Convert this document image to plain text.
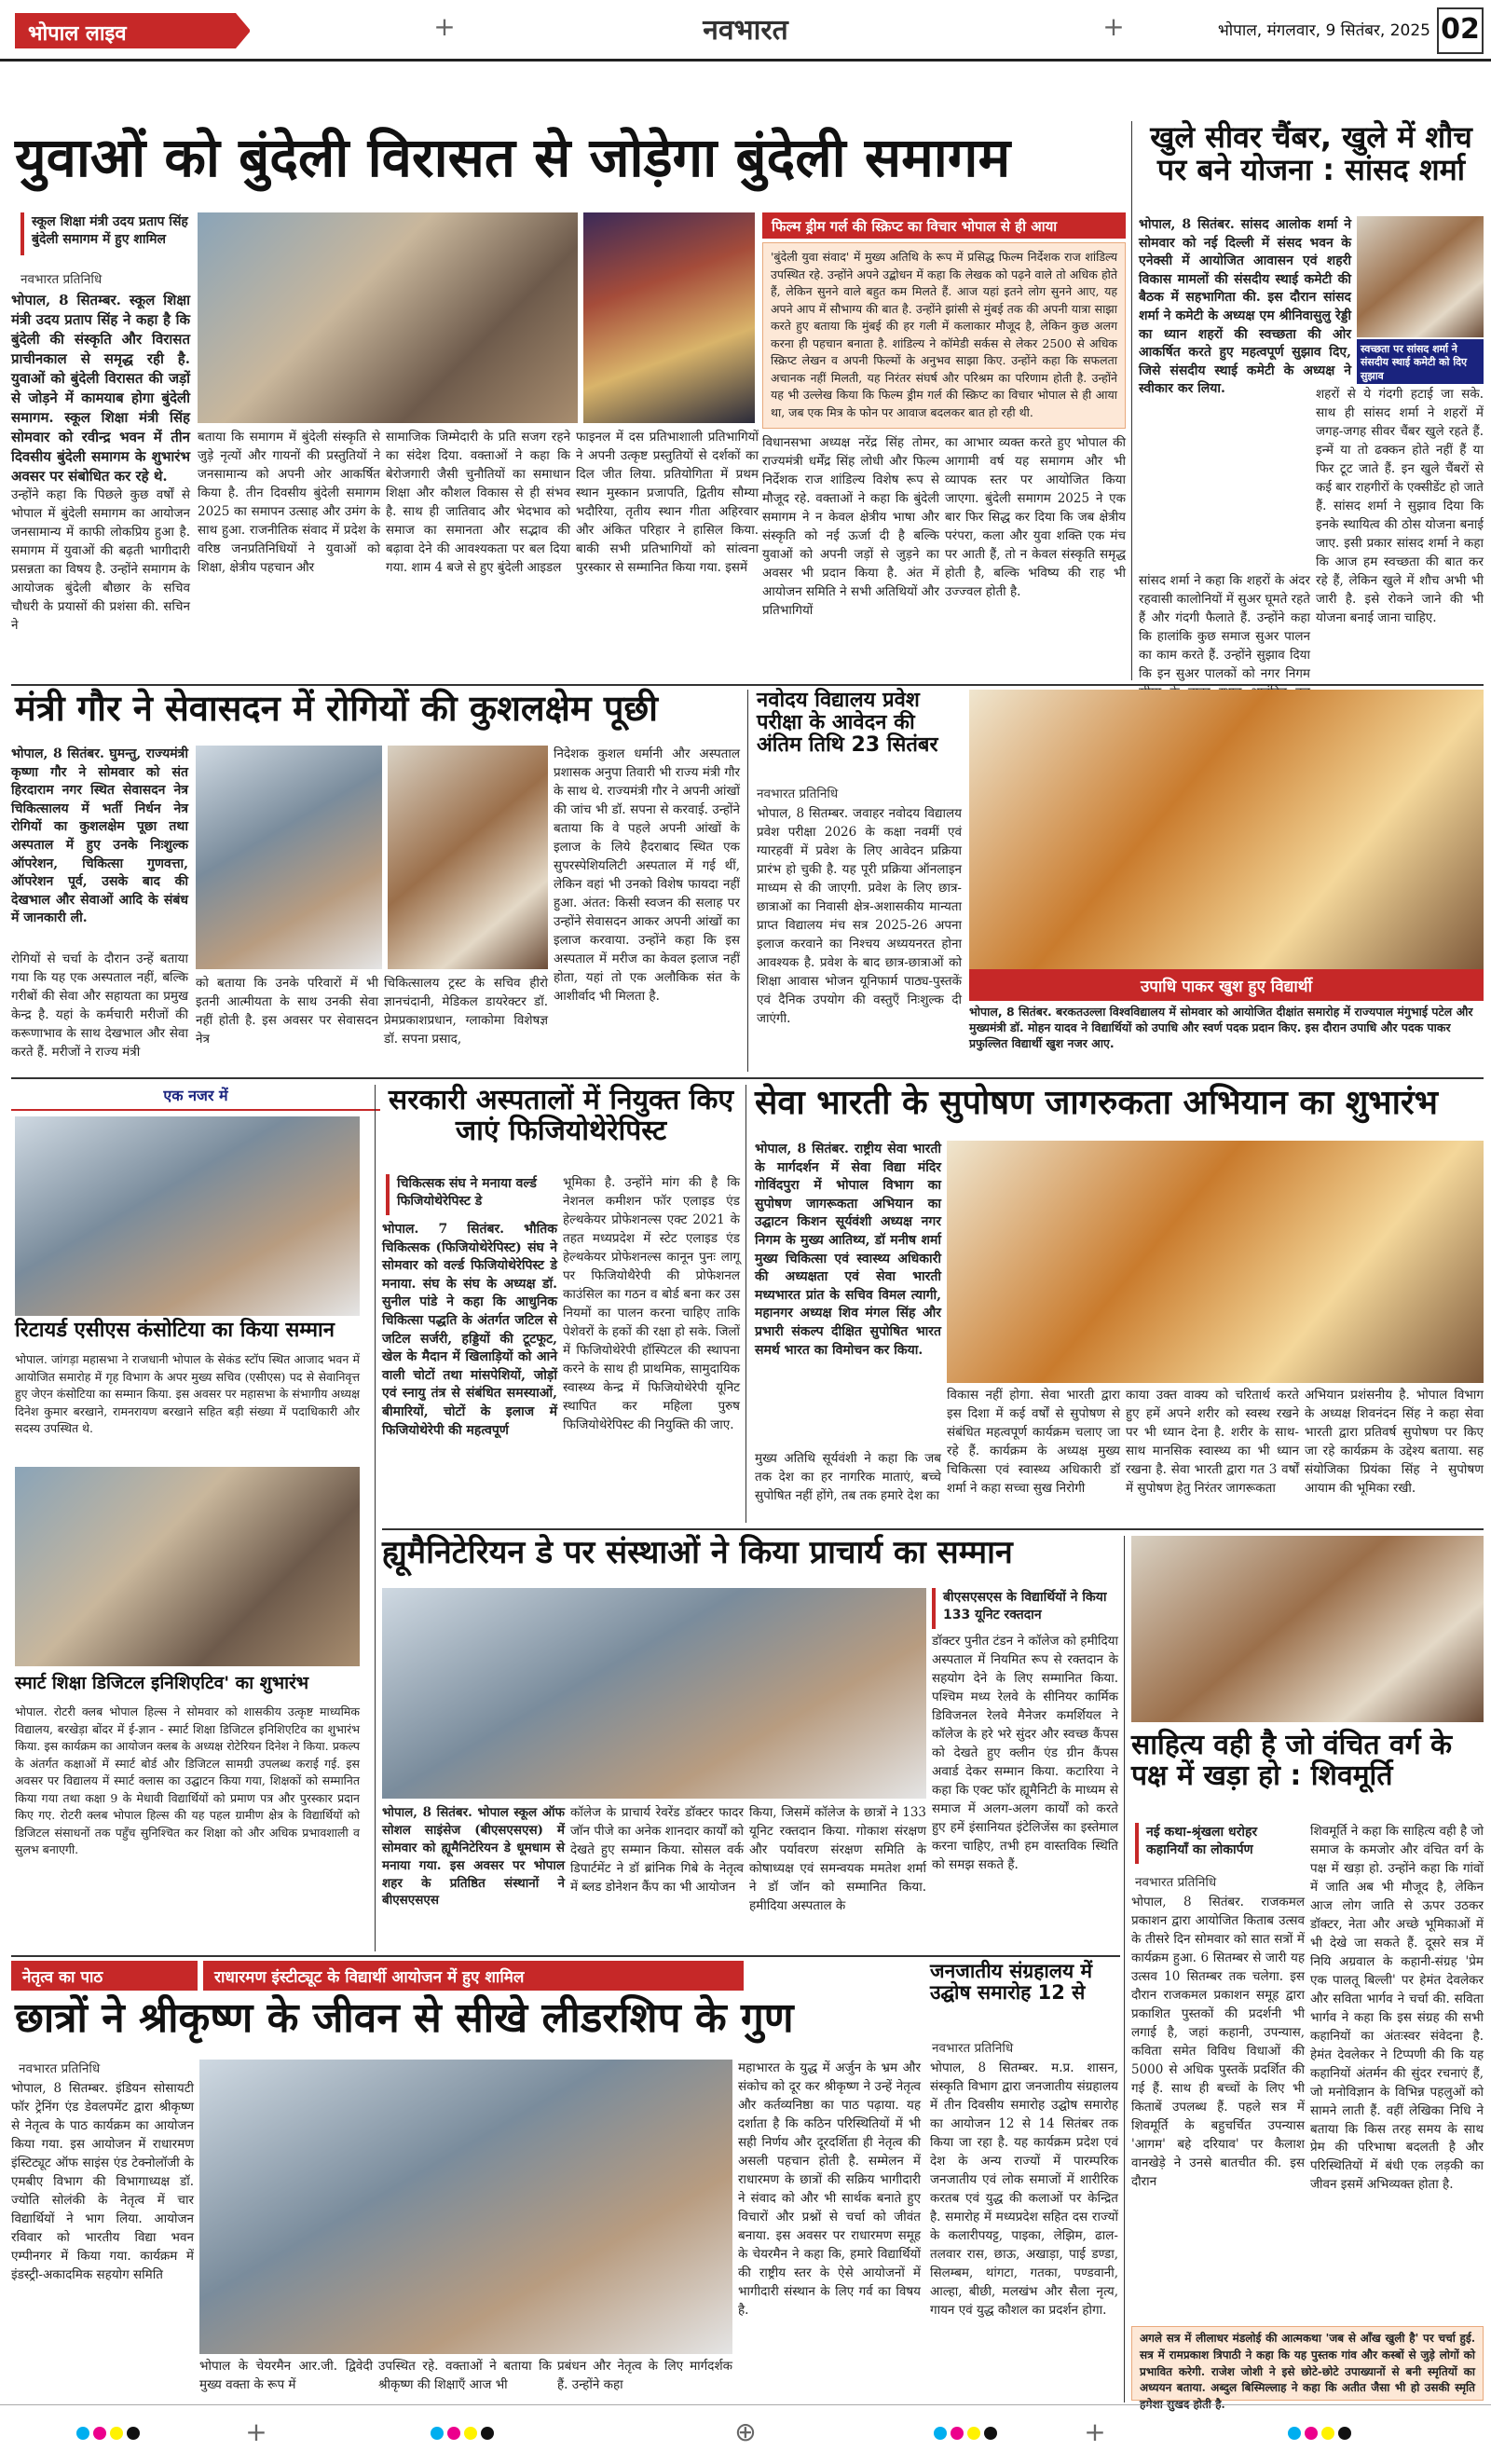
भोपाल लाइव	+	नवभारत	+	भोपाल, मंगलवार, 9 सितंबर, 2025 02
युवाओं को बुंदेली विरासत से जोड़ेगा बुंदेली समागम
स्कूल शिक्षा मंत्री उदय प्रताप सिंह बुंदेली समागम में हुए शामिल
नवभारत प्रतिनिधि
भोपाल, 8 सितम्बर. स्कूल शिक्षा मंत्री उदय प्रताप सिंह ने कहा है कि बुंदेली की संस्कृति और विरासत प्राचीनकाल से समृद्ध रही है. युवाओं को बुंदेली विरासत की जड़ों से जोड़ने में कामयाब होगा बुंदेली समागम. स्कूल शिक्षा मंत्री सिंह सोमवार को रवीन्द्र भवन में तीन दिवसीय बुंदेली समागम के शुभारंभ अवसर पर संबोधित कर रहे थे.
उन्होंने कहा कि पिछले कुछ वर्षों से भोपाल में बुंदेली समागम का आयोजन जनसामान्य में काफी लोकप्रिय हुआ है. समागम में युवाओं की बढ़ती भागीदारी प्रसन्नता का विषय है. उन्होंने समागम के आयोजक बुंदेली बौछार के सचिव चौधरी के प्रयासों की प्रशंसा की. सचिन ने
बताया कि समागम में बुंदेली संस्कृति से जुड़े नृत्यों और गायनों की प्रस्तुतियों ने जनसामान्य को अपनी ओर आकर्षित किया है. तीन दिवसीय बुंदेली समागम 2025 का समापन उत्साह और उमंग के साथ हुआ. राजनीतिक संवाद में प्रदेश के वरिष्ठ जनप्रतिनिधियों ने युवाओं को शिक्षा, क्षेत्रीय पहचान और
सामाजिक जिम्मेदारी के प्रति सजग रहने का संदेश दिया. वक्ताओं ने कहा कि बेरोजगारी जैसी चुनौतियों का समाधान शिक्षा और कौशल विकास से ही संभव है. साथ ही जातिवाद और भेदभाव को समाज का समानता और सद्भाव की बढ़ावा देने की आवश्यकता पर बल दिया गया. शाम 4 बजे से हुए बुंदेली आइडल
फाइनल में दस प्रतिभाशाली प्रतिभागियों ने अपनी उत्कृष्ट प्रस्तुतियों से दर्शकों का दिल जीत लिया. प्रतियोगिता में प्रथम स्थान मुस्कान प्रजापति, द्वितीय सौम्या भदौरिया, तृतीय स्थान गीता अहिरवार और अंकित परिहार ने हासिल किया. बाकी सभी प्रतिभागियों को सांत्वना पुरस्कार से सम्मानित किया गया. इसमें
फिल्म ड्रीम गर्ल की स्क्रिप्ट का विचार भोपाल से ही आया
'बुंदेली युवा संवाद' में मुख्य अतिथि के रूप में प्रसिद्ध फिल्म निर्देशक राज शांडिल्य उपस्थित रहे. उन्होंने अपने उद्बोधन में कहा कि लेखक को पढ़ने वाले तो अधिक होते हैं, लेकिन सुनने वाले बहुत कम मिलते हैं. आज यहां इतने लोग सुनने आए, यह अपने आप में सौभाग्य की बात है. उन्होंने झांसी से मुंबई तक की अपनी यात्रा साझा करते हुए बताया कि मुंबई की हर गली में कलाकार मौजूद है, लेकिन कुछ अलग करना ही पहचान बनाता है. शांडिल्य ने कॉमेडी सर्कस से लेकर 2500 से अधिक स्क्रिप्ट लेखन व अपनी फिल्मों के अनुभव साझा किए. उन्होंने कहा कि सफलता अचानक नहीं मिलती, यह निरंतर संघर्ष और परिश्रम का परिणाम होती है. उन्होंने यह भी उल्लेख किया कि फिल्म ड्रीम गर्ल की स्क्रिप्ट का विचार भोपाल से ही आया था, जब एक मित्र के फोन पर आवाज बदलकर बात हो रही थी.
विधानसभा अध्यक्ष नरेंद्र सिंह तोमर, राज्यमंत्री धर्मेंद्र सिंह लोधी और फिल्म निर्देशक राज शांडिल्य विशेष रूप से मौजूद रहे. वक्ताओं ने कहा कि बुंदेली समागम ने न केवल क्षेत्रीय भाषा और संस्कृति को नई ऊर्जा दी है बल्कि युवाओं को अपनी जड़ों से जुड़ने का अवसर भी प्रदान किया है. अंत में आयोजन समिति ने सभी अतिथियों और प्रतिभागियों
का आभार व्यक्त करते हुए भोपाल की आगामी वर्ष यह समागम और भी व्यापक स्तर पर आयोजित किया जाएगा. बुंदेली समागम 2025 ने एक बार फिर सिद्ध कर दिया कि जब क्षेत्रीय परंपरा, कला और युवा शक्ति एक मंच पर आती हैं, तो न केवल संस्कृति समृद्ध होती है, बल्कि भविष्य की राह भी उज्ज्वल होती है.
खुले सीवर चैंबर, खुले में शौच पर बने योजना : सांसद शर्मा
भोपाल, 8 सितंबर. सांसद आलोक शर्मा ने सोमवार को नई दिल्ली में संसद भवन के एनेक्सी में आयोजित आवासन एवं शहरी विकास मामलों की संसदीय स्थाई कमेटी की बैठक में सहभागिता की. इस दौरान सांसद शर्मा ने कमेटी के अध्यक्ष एम श्रीनिवासुलु रेड्डी का ध्यान शहरों की स्वच्छता की ओर आकर्षित करते हुए महत्वपूर्ण सुझाव दिए, जिसे संसदीय स्थाई कमेटी के अध्यक्ष ने स्वीकार कर लिया.
स्वच्छता पर सांसद शर्मा ने संसदीय स्थाई कमेटी को दिए सुझाव
सांसद शर्मा ने कहा कि शहरों के अंदर रहवासी कालोनियों में सुअर घूमते रहते हैं और गंदगी फैलाते हैं. उन्होंने कहा कि हालांकि कुछ समाज सुअर पालन का काम करते हैं. उन्होंने सुझाव दिया कि इन सुअर पालकों को नगर निगम
शहरों से ये गंदगी हटाई जा सके. साथ ही सांसद शर्मा ने शहरों में जगह-जगह सीवर चैंबर खुले रहते हैं. इन्में या तो ढक्कन होते नहीं हैं या फिर टूट जाते हैं. इन खुले चैंबरों से कई बार राहगीरों के एक्सीडेंट हो जाते हैं. सांसद शर्मा ने सुझाव दिया कि इनके स्थायित्व की ठोस योजना बनाई जाए. इसी प्रकार सांसद शर्मा ने कहा कि आज हम स्वच्छता की बात कर रहे हैं, लेकिन खुले में शौच अभी भी जारी है. इसे रोकने जाने की भी योजना बनाई जाना चाहिए.
मंत्री गौर ने सेवासदन में रोगियों की कुशलक्षेम पूछी
भोपाल, 8 सितंबर. घुमन्तु, राज्यमंत्री कृष्णा गौर ने सोमवार को संत हिरदाराम नगर स्थित सेवासदन नेत्र चिकित्सालय में भर्ती निर्धन नेत्र रोगियों का कुशलक्षेम पूछा तथा अस्पताल में हुए उनके निःशुल्क ऑपरेशन, चिकित्सा गुणवत्ता, ऑपरेशन पूर्व, उसके बाद की देखभाल और सेवाओं आदि के संबंध में जानकारी ली.
रोगियों से चर्चा के दौरान उन्हें बताया गया कि यह एक अस्पताल नहीं, बल्कि गरीबों की सेवा और सहायता का प्रमुख केन्द्र है. यहां के कर्मचारी मरीजों की करूणाभाव के साथ देखभाल और सेवा करते हैं. मरीजों ने राज्य मंत्री
को बताया कि उनके परिवारों में भी इतनी आत्मीयता के साथ उनकी सेवा नहीं होती है. इस अवसर पर सेवासदन नेत्र
चिकित्सालय ट्रस्ट के सचिव हीरो ज्ञानचंदानी, मेडिकल डायरेक्टर डॉ. प्रेमप्रकाशप्रधान, ग्लाकोमा विशेषज्ञ डॉ. सपना प्रसाद,
निदेशक कुशल धर्मानी और अस्पताल प्रशासक अनुपा तिवारी भी राज्य मंत्री गौर के साथ थे. राज्यमंत्री गौर ने अपनी आंखों की जांच भी डॉ. सपना से करवाई. उन्होंने बताया कि वे पहले अपनी आंखों के इलाज के लिये हैदराबाद स्थित एक सुपरस्पेशियलिटी अस्पताल में गई थीं, लेकिन वहां भी उनको विशेष फायदा नहीं हुआ. अंतत: किसी स्वजन की सलाह पर उन्होंने सेवासदन आकर अपनी आंखों का इलाज करवाया. उन्होंने कहा कि इस अस्पताल में मरीज का केवल इलाज नहीं होता, यहां तो एक अलौकिक संत के आशीर्वाद भी मिलता है.
नवोदय विद्यालय प्रवेश परीक्षा के आवेदन की अंतिम तिथि 23 सितंबर
नवभारत प्रतिनिधि
भोपाल, 8 सितम्बर. जवाहर नवोदय विद्यालय प्रवेश परीक्षा 2026 के कक्षा नवमीं एवं ग्यारहवीं में प्रवेश के लिए आवेदन प्रक्रिया प्रारंभ हो चुकी है. यह पूरी प्रक्रिया ऑनलाइन माध्यम से की जाएगी. प्रवेश के लिए छात्र-छात्राओं का निवासी क्षेत्र-अशासकीय मान्यता प्राप्त विद्यालय मंच सत्र 2025-26 अपना इलाज करवाने का निश्चय अध्ययनरत होना आवश्यक है. प्रवेश के बाद छात्र-छात्राओं को शिक्षा आवास भोजन यूनिफार्म पाठ्य-पुस्तकें एवं दैनिक उपयोग की वस्तुएँ निःशुल्क दी जाएंगी.
उपाधि पाकर खुश हुए विद्यार्थी
भोपाल, 8 सितंबर. बरकतउल्ला विश्वविद्यालय में सोमवार को आयोजित दीक्षांत समारोह में राज्यपाल मंगुभाई पटेल और मुख्यमंत्री डॉ. मोहन यादव ने विद्यार्थियों को उपाधि और स्वर्ण पदक प्रदान किए. इस दौरान उपाधि और पदक पाकर प्रफुल्लित विद्यार्थी खुश नजर आए.
एक नजर में
रिटायर्ड एसीएस कंसोटिया का किया सम्मान
भोपाल. जांगड़ा महासभा ने राजधानी भोपाल के सेकंड स्टॉप स्थित आजाद भवन में आयोजित समारोह में गृह विभाग के अपर मुख्य सचिव (एसीएस) पद से सेवानिवृत्त हुए जेएन कंसोटिया का सम्मान किया. इस अवसर पर महासभा के संभागीय अध्यक्ष दिनेश कुमार बरखाने, रामनरायण बरखाने सहित बड़ी संख्या में पदाधिकारी और सदस्य उपस्थित थे.
स्मार्ट शिक्षा डिजिटल इनिशिएटिव' का शुभारंभ
भोपाल. रोटरी क्लब भोपाल हिल्स ने सोमवार को शासकीय उत्कृष्ट माध्यमिक विद्यालय, बरखेड़ा बोंदर में ई-ज्ञान - स्मार्ट शिक्षा डिजिटल इनिशिएटिव का शुभारंभ किया. इस कार्यक्रम का आयोजन क्लब के अध्यक्ष रोटेरियन दिनेश ने किया. प्रकल्प के अंतर्गत कक्षाओं में स्मार्ट बोर्ड और डिजिटल सामग्री उपलब्ध कराई गई. इस अवसर पर विद्यालय में स्मार्ट क्लास का उद्घाटन किया गया, शिक्षकों को सम्मानित किया गया तथा कक्षा 9 के मेधावी विद्यार्थियों को प्रमाण पत्र और पुरस्कार प्रदान किए गए. रोटरी क्लब भोपाल हिल्स की यह पहल ग्रामीण क्षेत्र के विद्यार्थियों को डिजिटल संसाधनों तक पहुँच सुनिश्चित कर शिक्षा को और अधिक प्रभावशाली व सुलभ बनाएगी.
सरकारी अस्पतालों में नियुक्त किए जाएं फिजियोथेरेपिस्ट
चिकित्सक संघ ने मनाया वर्ल्ड फिजियोथेरेपिस्ट डे
भोपाल. 7 सितंबर. भौतिक चिकित्सक (फिजियोथेरेपिस्ट) संघ ने सोमवार को वर्ल्ड फिजियोथेरेपिस्ट डे मनाया. संघ के संघ के अध्यक्ष डॉ. सुनील पांडे ने कहा कि आधुनिक चिकित्सा पद्धति के अंतर्गत जटिल से जटिल सर्जरी, हड्डियों की टूटफूट, खेल के मैदान में खिलाड़ियों को आने वाली चोटों तथा मांसपेशियों, जोड़ों एवं स्नायु तंत्र से संबंधित समस्याओं, बीमारियों, चोटों के इलाज में फिजियोथेरेपी की महत्वपूर्ण
भूमिका है. उन्होंने मांग की है कि नेशनल कमीशन फॉर एलाइड एंड हेल्थकेयर प्रोफेशनल्स एक्ट 2021 के तहत मध्यप्रदेश में स्टेट एलाइड एंड हेल्थकेयर प्रोफेशनल्स कानून पुनः लागू पर फिजियोथैरेपी की प्रोफेशनल काउंसिल का गठन व बोर्ड बना कर उस नियमों का पालन करना चाहिए ताकि पेशेवरों के हकों की रक्षा हो सके. जिलों में फिजियोथेरेपी हॉस्पिटल की स्थापना करने के साथ ही प्राथमिक, सामुदायिक स्वास्थ्य केन्द्र में फिजियोथेरेपी यूनिट स्थापित कर महिला पुरुष फिजियोथेरेपिस्ट की नियुक्ति की जाए.
सेवा भारती के सुपोषण जागरुकता अभियान का शुभारंभ
भोपाल, 8 सितंबर. राष्ट्रीय सेवा भारती के मार्गदर्शन में सेवा विद्या मंदिर गोविंदपुरा में भोपाल विभाग का सुपोषण जागरूकता अभियान का उद्घाटन किशन सूर्यवंशी अध्यक्ष नगर निगम के मुख्य आतिथ्य, डॉ मनीष शर्मा मुख्य चिकित्सा एवं स्वास्थ्य अधिकारी की अध्यक्षता एवं सेवा भारती मध्यभारत प्रांत के सचिव विमल त्यागी, महानगर अध्यक्ष शिव मंगल सिंह और प्रभारी संकल्प दीक्षित सुपोषित भारत समर्थ भारत का विमोचन कर किया.
मुख्य अतिथि सूर्यवंशी ने कहा कि जब तक देश का हर नागरिक माताएं, बच्चे सुपोषित नहीं होंगे, तब तक हमारे देश का
विकास नहीं होगा. सेवा भारती द्वारा इस दिशा में कई वर्षों से सुपोषण से संबंधित महत्वपूर्ण कार्यक्रम चलाए जा रहे हैं. कार्यक्रम के अध्यक्ष मुख्य चिकित्सा एवं स्वास्थ्य अधिकारी डॉ शर्मा ने कहा सच्चा सुख निरोगी
काया उक्त वाक्य को चरितार्थ करते हुए हमें अपने शरीर को स्वस्थ रखने पर भी ध्यान देना है. शरीर के साथ-साथ मानसिक स्वास्थ्य का भी ध्यान रखना है. सेवा भारती द्वारा गत 3 वर्षों में सुपोषण हेतु निरंतर जागरूकता
अभियान प्रशंसनीय है. भोपाल विभाग के अध्यक्ष शिवनंदन सिंह ने कहा सेवा भारती द्वारा प्रतिवर्ष सुपोषण पर किए जा रहे कार्यक्रम के उद्देश्य बताया. सह संयोजिका प्रियंका सिंह ने सुपोषण आयाम की भूमिका रखी.
ह्यूमैनिटेरियन डे पर संस्थाओं ने किया प्राचार्य का सम्मान
बीएसएसएस के विद्यार्थियों ने किया 133 यूनिट रक्तदान
डॉक्टर पुनीत टंडन ने कॉलेज को हमीदिया अस्पताल में नियमित रूप से रक्तदान के सहयोग देने के लिए सम्मानित किया. पश्चिम मध्य रेलवे के सीनियर कार्मिक डिविजनल रेलवे मैनेजर कमर्शियल ने कॉलेज के हरे भरे सुंदर और स्वच्छ कैंपस को देखते हुए क्लीन एंड ग्रीन कैंपस अवार्ड देकर सम्मान किया. कटारिया ने कहा कि एक्ट फॉर ह्यूमैनिटी के माध्यम से समाज में अलग-अलग कार्यों को करते हुए हमें इंसानियत इंटेलिजेंस का इस्तेमाल करना चाहिए, तभी हम वास्तविक स्थिति को समझ सकते हैं.
भोपाल, 8 सितंबर. भोपाल स्कूल ऑफ सोशल साइंसेज (बीएसएसएस) में सोमवार को ह्यूमैनिटेरियन डे धूमधाम से मनाया गया. इस अवसर पर भोपाल शहर के प्रतिष्ठित संस्थानों ने बीएसएसएस
कॉलेज के प्राचार्य रेवरेंड डॉक्टर फादर जॉन पीजे का अनेक शानदार कार्यों को देखते हुए सम्मान किया. सोसल वर्क डिपार्टमेंट ने डॉ ब्रांनिक गिबे के नेतृत्व में ब्लड डोनेशन कैंप का भी आयोजन
किया, जिसमें कॉलेज के छात्रों ने 133 यूनिट रक्तदान किया. गोकाश संरक्षण और पर्यावरण संरक्षण समिति के कोषाध्यक्ष एवं समन्वयक ममतेश शर्मा ने डॉ जॉन को सम्मानित किया. हमीदिया अस्पताल के
साहित्य वही है जो वंचित वर्ग के पक्ष में खड़ा हो : शिवमूर्ति
नई कथा-श्रृंखला धरोहर कहानियाँ का लोकार्पण
नवभारत प्रतिनिधि
भोपाल, 8 सितंबर. राजकमल प्रकाशन द्वारा आयोजित किताब उत्सव के तीसरे दिन सोमवार को सात सत्रों में कार्यक्रम हुआ. 6 सितम्बर से जारी यह उत्सव 10 सितम्बर तक चलेगा. इस दौरान राजकमल प्रकाशन समूह द्वारा प्रकाशित पुस्तकों की प्रदर्शनी भी लगाई है, जहां कहानी, उपन्यास, कविता समेत विविध विधाओं की 5000 से अधिक पुस्तकें प्रदर्शित की गई हैं. साथ ही बच्चों के लिए भी किताबें उपलब्ध हैं. पहले सत्र में शिवमूर्ति के बहुचर्चित उपन्यास 'आगम' बहे दरियाव' पर कैलाश वानखेड़े ने उनसे बातचीत की. इस दौरान
शिवमूर्ति ने कहा कि साहित्य वही है जो समाज के कमजोर और वंचित वर्ग के पक्ष में खड़ा हो. उन्होंने कहा कि गांवों में जाति अब भी मौजूद है, लेकिन आज लोग जाति से ऊपर उठकर डॉक्टर, नेता और अच्छे भूमिकाओं में भी देखे जा सकते हैं. दूसरे सत्र में नियि अग्रवाल के कहानी-संग्रह 'प्रेम एक पालतू बिल्ली' पर हेमंत देवलेकर और सविता भार्गव ने चर्चा की. सविता भार्गव ने कहा कि इस संग्रह की सभी कहानियों का अंतःस्वर संवेदना है. हेमंत देवलेकर ने टिप्पणी की कि यह कहानियों अंतर्मन की सुंदर रचनाएं हैं, जो मनोविज्ञान के विभिन्न पहलुओं को सामने लाती हैं. वहीं लेखिका निधि ने बताया कि किस तरह समय के साथ प्रेम की परिभाषा बदलती है और परिस्थितियों में बंधी एक लड़की का जीवन इसमें अभिव्यक्त होता है.
अगले सत्र में लीलाधर मंडलोई की आत्मकथा 'जब से आँख खुली है' पर चर्चा हुई. सत्र में रामप्रकाश त्रिपाठी ने कहा कि यह पुस्तक गांव और कस्बों से जुड़े लोगों को प्रभावित करेगी. राजेश जोशी ने इसे छोटे-छोटे उपाख्यानों से बनी स्मृतियों का अध्ययन बताया. अब्दुल बिस्मिल्लाह ने कहा कि अतीत जैसा भी हो उसकी स्मृति हमेशा सुखद होती है.
नेतृत्व का पाठ	राधारमण इंस्टीट्यूट के विद्यार्थी आयोजन में हुए शामिल
छात्रों ने श्रीकृष्ण के जीवन से सीखे लीडरशिप के गुण
नवभारत प्रतिनिधि
भोपाल, 8 सितम्बर. इंडियन सोसायटी फॉर ट्रेनिंग एंड डेवलपमेंट द्वारा श्रीकृष्ण से नेतृत्व के पाठ कार्यक्रम का आयोजन किया गया. इस आयोजन में राधारमण इंस्टिट्यूट ऑफ साइंस एंड टेक्नोलॉजी के एमबीए विभाग की विभागाध्यक्ष डॉ. ज्योति सोलंकी के नेतृत्व में चार विद्यार्थियों ने भाग लिया. आयोजन रविवार को भारतीय विद्या भवन एम्पीनगर में किया गया. कार्यक्रम में इंडस्ट्री-अकादमिक सहयोग समिति
भोपाल के चेयरमैन आर.जी. द्विवेदी मुख्य वक्ता के रूप में
उपस्थित रहे. वक्ताओं ने बताया कि श्रीकृष्ण की शिक्षाएँ आज भी
प्रबंधन और नेतृत्व के लिए मार्गदर्शक हैं. उन्होंने कहा
महाभारत के युद्ध में अर्जुन के भ्रम और संकोच को दूर कर श्रीकृष्ण ने उन्हें नेतृत्व और कर्तव्यनिष्ठा का पाठ पढ़ाया. यह दर्शाता है कि कठिन परिस्थितियों में भी सही निर्णय और दूरदर्शिता ही नेतृत्व की असली पहचान होती है. सम्मेलन में राधारमण के छात्रों की सक्रिय भागीदारी ने संवाद को और भी सार्थक बनाते हुए विचारों और प्रश्नों से चर्चा को जीवंत बनाया. इस अवसर पर राधारमण समूह के चेयरमैन ने कहा कि, हमारे विद्यार्थियों की राष्ट्रीय स्तर के ऐसे आयोजनों में भागीदारी संस्थान के लिए गर्व का विषय है.
जनजातीय संग्रहालय में उद्घोष समारोह 12 से
नवभारत प्रतिनिधि
भोपाल, 8 सितम्बर. म.प्र. शासन, संस्कृति विभाग द्वारा जनजातीय संग्रहालय में तीन दिवसीय समारोह उद्घोष समारोह का आयोजन 12 से 14 सितंबर तक किया जा रहा है. यह कार्यक्रम प्रदेश एवं देश के अन्य राज्यों में पारम्परिक जनजातीय एवं लोक समाजों में शारीरिक करतब एवं युद्ध की कलाओं पर केन्द्रित है. समारोह में मध्यप्रदेश सहित दस राज्यों के कलारीपयट्ट, पाइका, लेझिम, ढाल-तलवार रास, छाऊ, अखाड़ा, पाई डण्डा, सिलम्बम, थांगटा, गतका, पण्डवानी, आल्हा, बीछी, मलखंभ और सैला नृत्य, गायन एवं युद्ध कौशल का प्रदर्शन होगा.
+	⊕	+
